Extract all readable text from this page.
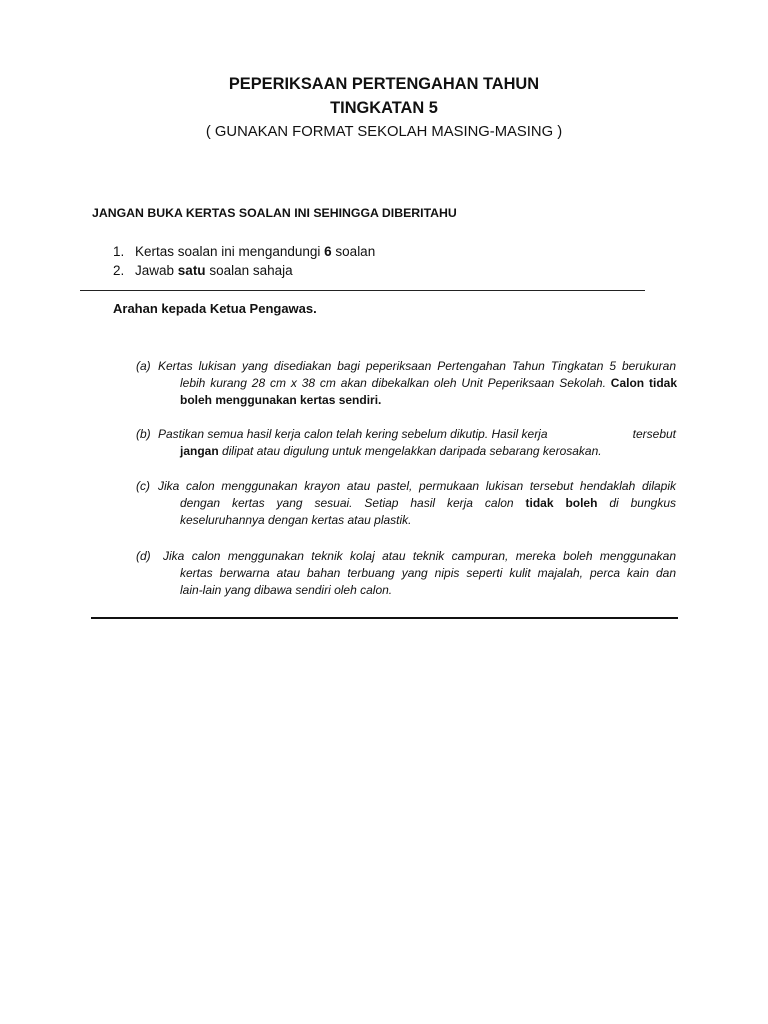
PEPERIKSAAN PERTENGAHAN TAHUN
TINGKATAN 5
( GUNAKAN FORMAT SEKOLAH MASING-MASING )
JANGAN BUKA KERTAS SOALAN INI SEHINGGA DIBERITAHU
1. Kertas soalan ini mengandungi 6 soalan
2. Jawab satu soalan sahaja
Arahan kepada Ketua Pengawas.
(a) Kertas lukisan yang disediakan bagi peperiksaan Pertengahan Tahun Tingkatan 5 berukuran
lebih kurang 28 cm x 38 cm akan dibekalkan oleh Unit Peperiksaan Sekolah. Calon tidak
boleh menggunakan kertas sendiri.
(b) Pastikan semua hasil kerja calon telah kering sebelum dikutip. Hasil kerja	tersebut
jangan dilipat atau digulung untuk mengelakkan daripada sebarang kerosakan.
(c) Jika calon menggunakan krayon atau pastel, permukaan lukisan tersebut hendaklah dilapik
dengan kertas yang sesuai. Setiap hasil kerja calon tidak boleh di bungkus
keseluruhannya dengan kertas atau plastik.
(d) Jika calon menggunakan teknik kolaj atau teknik campuran, mereka boleh menggunakan
kertas berwarna atau bahan terbuang yang nipis seperti kulit majalah, perca kain dan
lain-lain yang dibawa sendiri oleh calon.
